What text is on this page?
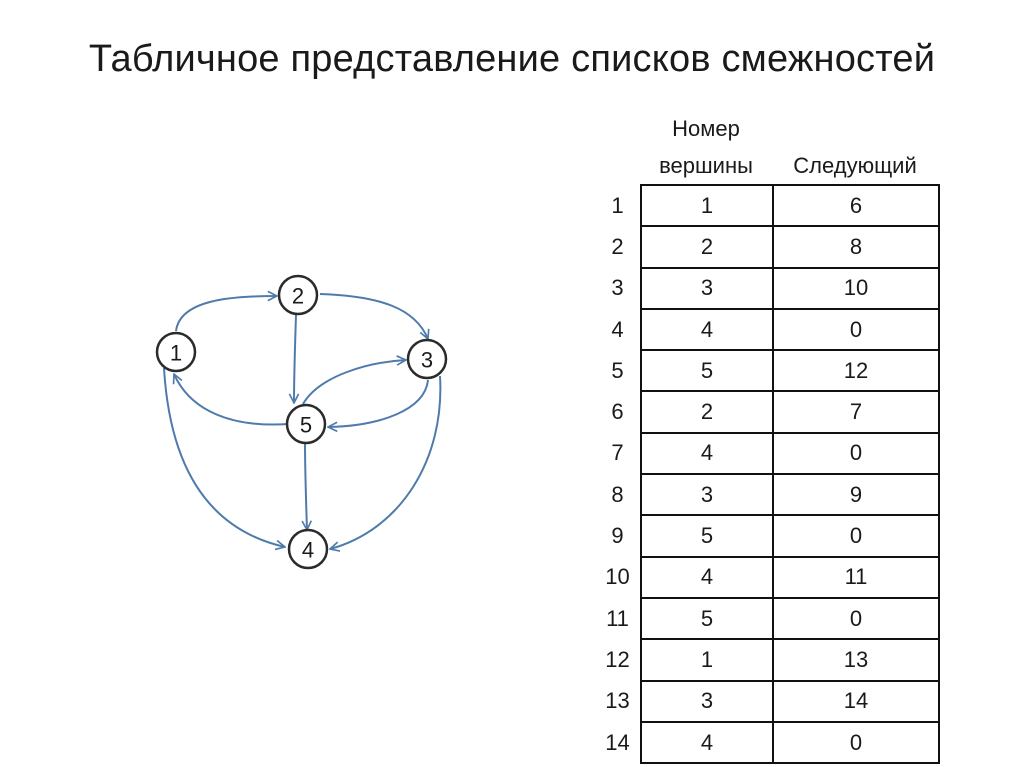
Табличное представление списков смежностей
1
2
3
4
5
Номер
вершины	Следующий
1	1	6
2	2	8
3	3	10
4	4	0
5	5	12
6	2	7
7	4	0
8	3	9
9	5	0
10	4	11
11	5	0
12	1	13
13	3	14
14	4	0
